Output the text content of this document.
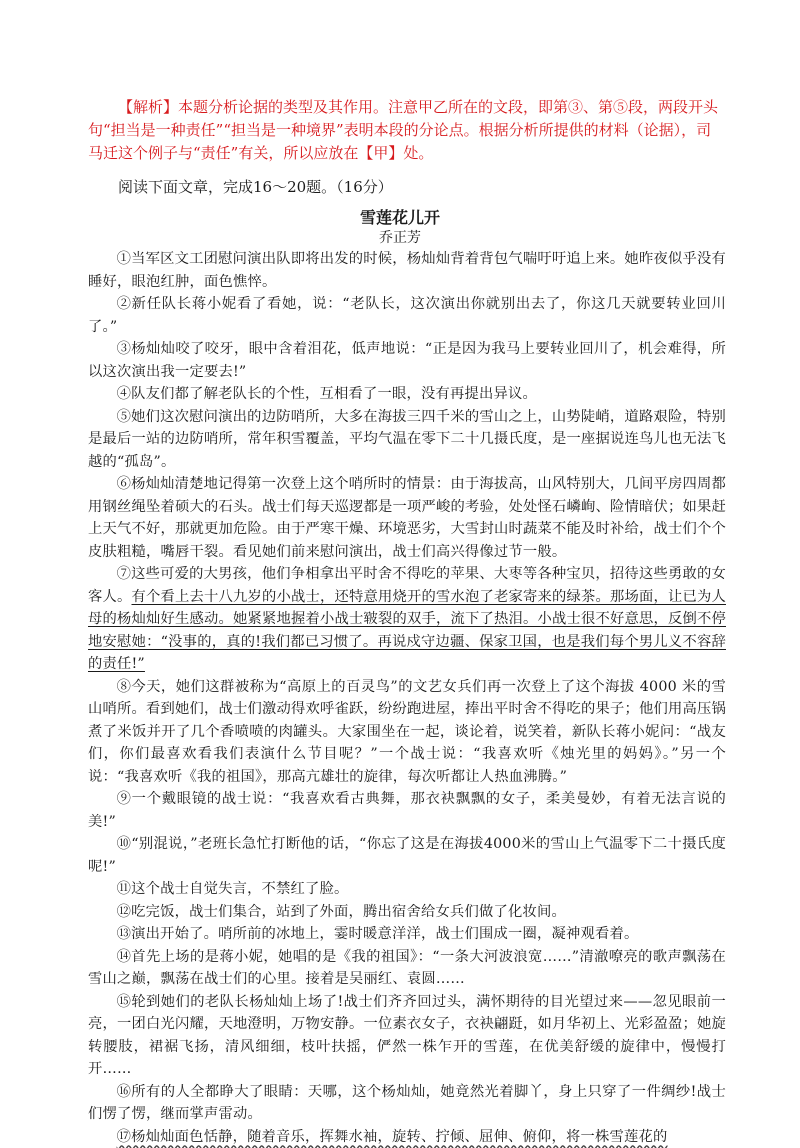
【解析】本题分析论据的类型及其作用。注意甲乙所在的文段，即第③、第⑤段，两段开头句“担当是一种责任”“担当是一种境界”表明本段的分论点。根据分析所提供的材料（论据），司马迁这个例子与“责任”有关，所以应放在【甲】处。

阅读下面文章，完成16～20题。（16分）

雪莲花儿开

乔正芳

①当军区文工团慰问演出队即将出发的时候，杨灿灿背着背包气喘吁吁追上来。她昨夜似乎没有睡好，眼泡红肿，面色憔悴。

②新任队长蒋小妮看了看她，说：“老队长，这次演出你就别出去了，你这几天就要转业回川了。”

③杨灿灿咬了咬牙，眼中含着泪花，低声地说：“正是因为我马上要转业回川了，机会难得，所以这次演出我一定要去!”

④队友们都了解老队长的个性，互相看了一眼，没有再提出异议。

⑤她们这次慰问演出的边防哨所，大多在海拔三四千米的雪山之上，山势陡峭，道路艰险，特别是最后一站的边防哨所，常年积雪覆盖，平均气温在零下二十几摄氏度，是一座据说连鸟儿也无法飞越的“孤岛”。

⑥杨灿灿清楚地记得第一次登上这个哨所时的情景：由于海拔高，山风特别大，几间平房四周都用钢丝绳坠着硕大的石头。战士们每天巡逻都是一项严峻的考验，处处怪石嶙峋、险情暗伏；如果赶上天气不好，那就更加危险。由于严寒干燥、环境恶劣，大雪封山时蔬菜不能及时补给，战士们个个皮肤粗糙，嘴唇干裂。看见她们前来慰问演出，战士们高兴得像过节一般。

⑦这些可爱的大男孩，他们争相拿出平时舍不得吃的苹果、大枣等各种宝贝，招待这些勇敢的女客人。有个看上去十八九岁的小战士，还特意用烧开的雪水泡了老家寄来的绿茶。那场面，让已为人母的杨灿灿好生感动。她紧紧地握着小战士皲裂的双手，流下了热泪。小战士很不好意思，反倒不停地安慰她：“没事的，真的!我们都已习惯了。再说戍守边疆、保家卫国，也是我们每个男儿义不容辞的责任!”

⑧今天，她们这群被称为“高原上的百灵鸟”的文艺女兵们再一次登上了这个海拔 4000 米的雪山哨所。看到她们，战士们激动得欢呼雀跃，纷纷跑进屋，捧出平时舍不得吃的果子；他们用高压锅煮了米饭并开了几个香喷喷的肉罐头。大家围坐在一起，谈论着，说笑着，新队长蒋小妮问：“战友们，你们最喜欢看我们表演什么节目呢？”一个战士说：“我喜欢听《烛光里的妈妈》。”另一个说：“我喜欢听《我的祖国》，那高亢雄壮的旋律，每次听都让人热血沸腾。”

⑨一个戴眼镜的战士说：“我喜欢看古典舞，那衣袂飘飘的女子，柔美曼妙，有着无法言说的美!”

⑩“别混说，”老班长急忙打断他的话，“你忘了这是在海拔4000米的雪山上气温零下二十摄氏度呢!”

⑪这个战士自觉失言，不禁红了脸。

⑫吃完饭，战士们集合，站到了外面，腾出宿舍给女兵们做了化妆间。

⑬演出开始了。哨所前的冰地上，霎时暖意洋洋，战士们围成一圈，凝神观看着。

⑭首先上场的是蒋小妮，她唱的是《我的祖国》：“一条大河波浪宽……”清澈嘹亮的歌声飘荡在雪山之巅，飘荡在战士们的心里。接着是吴丽红、袁圆……

⑮轮到她们的老队长杨灿灿上场了!战士们齐齐回过头，满怀期待的目光望过来——忽见眼前一亮，一团白光闪耀，天地澄明，万物安静。一位素衣女子，衣袂翩跹，如月华初上、光彩盈盈；她旋转腰肢，裙裾飞扬，清风细细，枝叶扶摇，俨然一株乍开的雪莲，在优美舒缓的旋律中，慢慢打开……

⑯所有的人全都睁大了眼睛：天哪，这个杨灿灿，她竟然光着脚丫，身上只穿了一件绸纱!战士们愣了愣，继而掌声雷动。

⑰杨灿灿面色恬静，随着音乐，挥舞水袖，旋转、拧倾、屈伸、俯仰，将一株雪莲花的
